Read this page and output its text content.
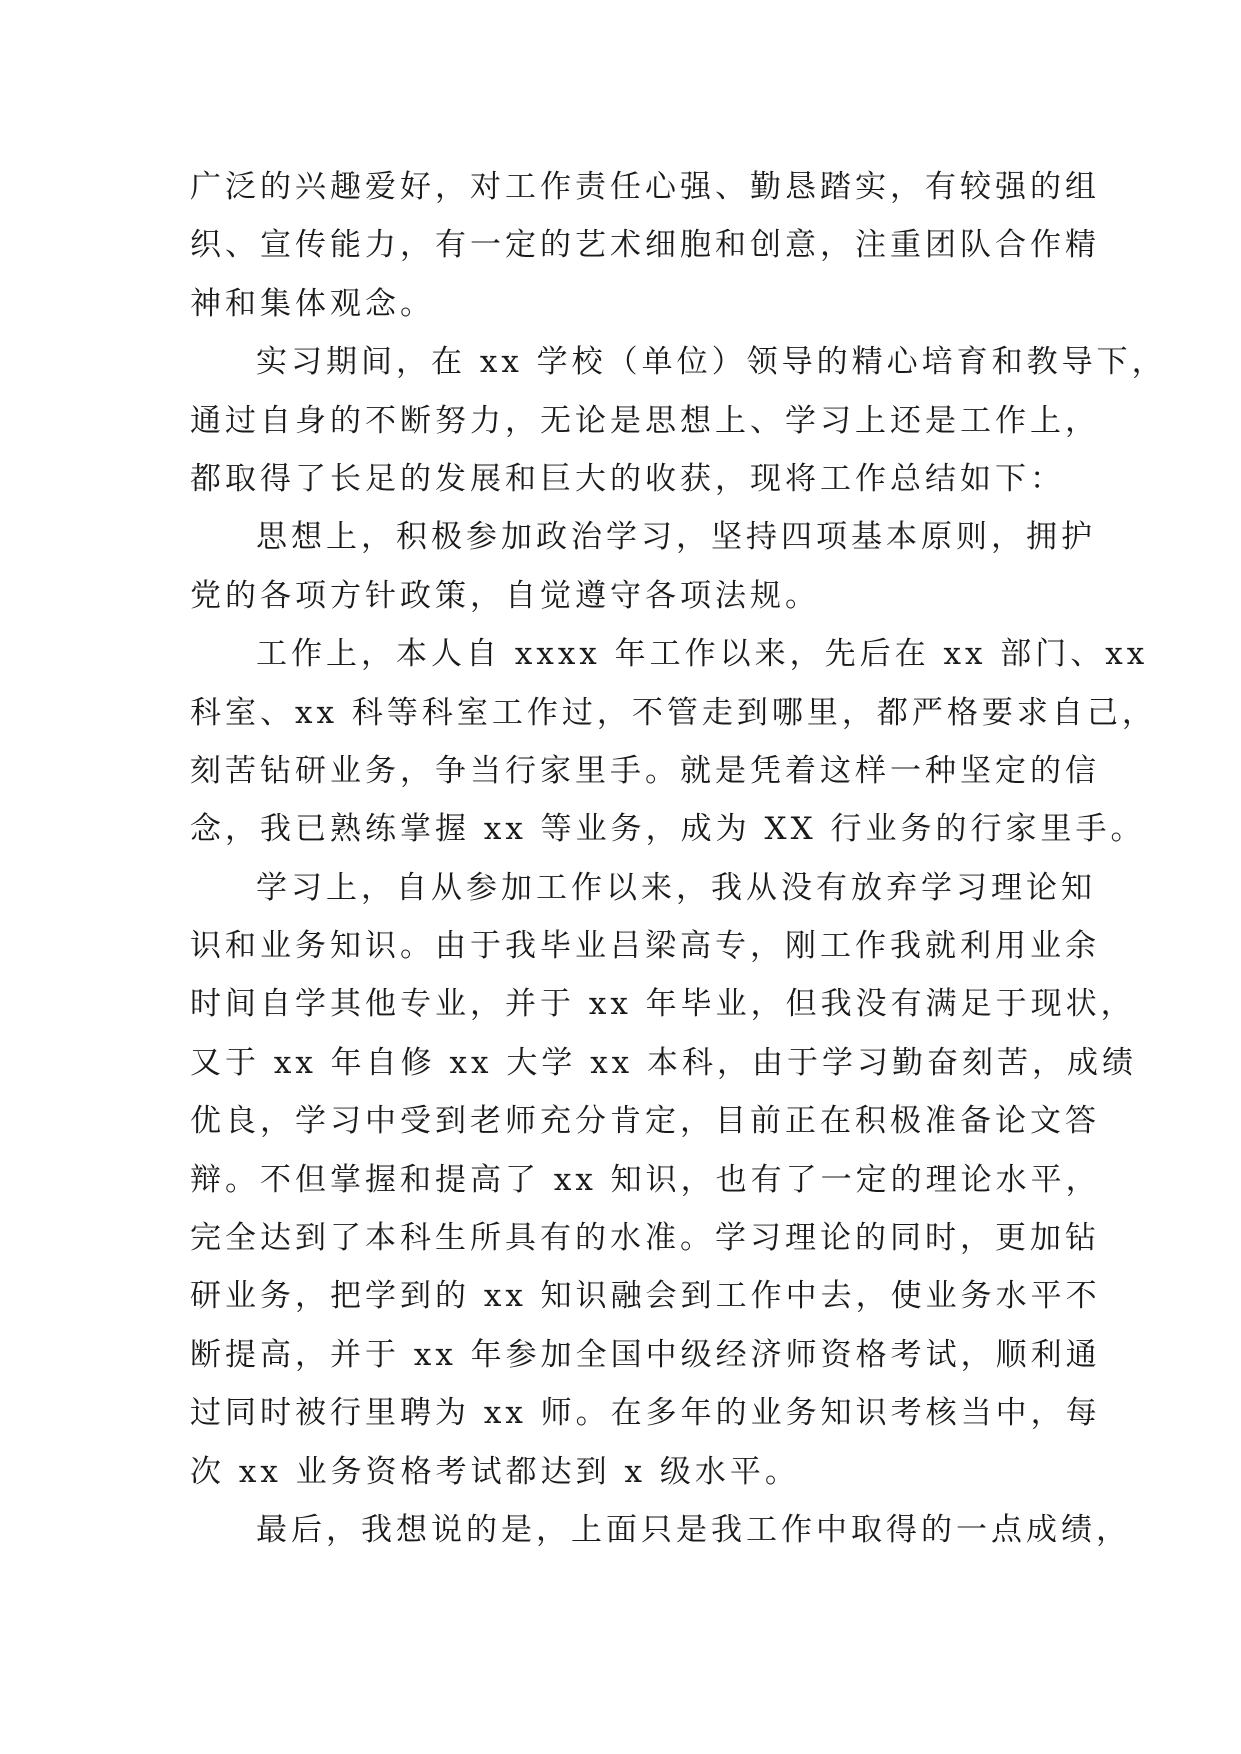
广泛的兴趣爱好，对工作责任心强、勤恳踏实，有较强的组
织、宣传能力，有一定的艺术细胞和创意，注重团队合作精
神和集体观念。
实习期间，在 xx 学校（单位）领导的精心培育和教导下，
通过自身的不断努力，无论是思想上、学习上还是工作上，
都取得了长足的发展和巨大的收获，现将工作总结如下：
思想上，积极参加政治学习，坚持四项基本原则，拥护
党的各项方针政策，自觉遵守各项法规。
工作上，本人自 xxxx 年工作以来，先后在 xx 部门、xx
科室、xx 科等科室工作过，不管走到哪里，都严格要求自己，
刻苦钻研业务，争当行家里手。就是凭着这样一种坚定的信
念，我已熟练掌握 xx 等业务，成为 XX 行业务的行家里手。
学习上，自从参加工作以来，我从没有放弃学习理论知
识和业务知识。由于我毕业吕梁高专，刚工作我就利用业余
时间自学其他专业，并于 xx 年毕业，但我没有满足于现状，
又于 xx 年自修 xx 大学 xx 本科，由于学习勤奋刻苦，成绩
优良，学习中受到老师充分肯定，目前正在积极准备论文答
辩。不但掌握和提高了 xx 知识，也有了一定的理论水平，
完全达到了本科生所具有的水准。学习理论的同时，更加钻
研业务，把学到的 xx 知识融会到工作中去，使业务水平不
断提高，并于 xx 年参加全国中级经济师资格考试，顺利通
过同时被行里聘为 xx 师。在多年的业务知识考核当中，每
次 xx 业务资格考试都达到 x 级水平。
最后，我想说的是，上面只是我工作中取得的一点成绩，
